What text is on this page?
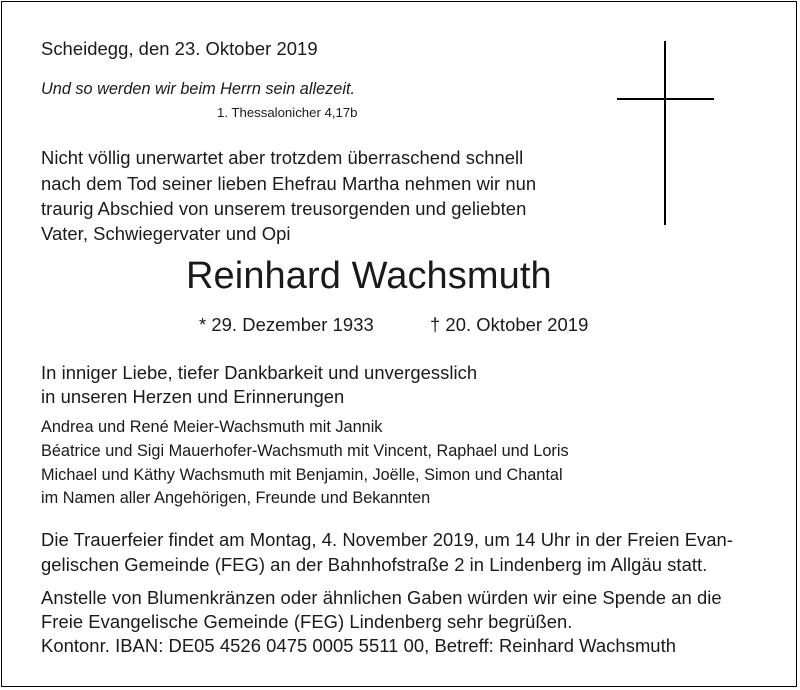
Scheidegg, den 23. Oktober 2019
Und so werden wir beim Herrn sein allezeit.
1. Thessalonicher 4,17b
Nicht völlig unerwartet aber trotzdem überraschend schnell
nach dem Tod seiner lieben Ehefrau Martha nehmen wir nun
traurig Abschied von unserem treusorgenden und geliebten
Vater, Schwiegervater und Opi
Reinhard Wachsmuth
* 29. Dezember 1933	† 20. Oktober 2019
In inniger Liebe, tiefer Dankbarkeit und unvergesslich
in unseren Herzen und Erinnerungen
Andrea und René Meier-Wachsmuth mit Jannik
Béatrice und Sigi Mauerhofer-Wachsmuth mit Vincent, Raphael und Loris
Michael und Käthy Wachsmuth mit Benjamin, Joëlle, Simon und Chantal
im Namen aller Angehörigen, Freunde und Bekannten
Die Trauerfeier findet am Montag, 4. November 2019, um 14 Uhr in der Freien Evan-
gelischen Gemeinde (FEG) an der Bahnhofstraße 2 in Lindenberg im Allgäu statt.
Anstelle von Blumenkränzen oder ähnlichen Gaben würden wir eine Spende an die
Freie Evangelische Gemeinde (FEG) Lindenberg sehr begrüßen.
Kontonr. IBAN: DE05 4526 0475 0005 5511 00, Betreff: Reinhard Wachsmuth
